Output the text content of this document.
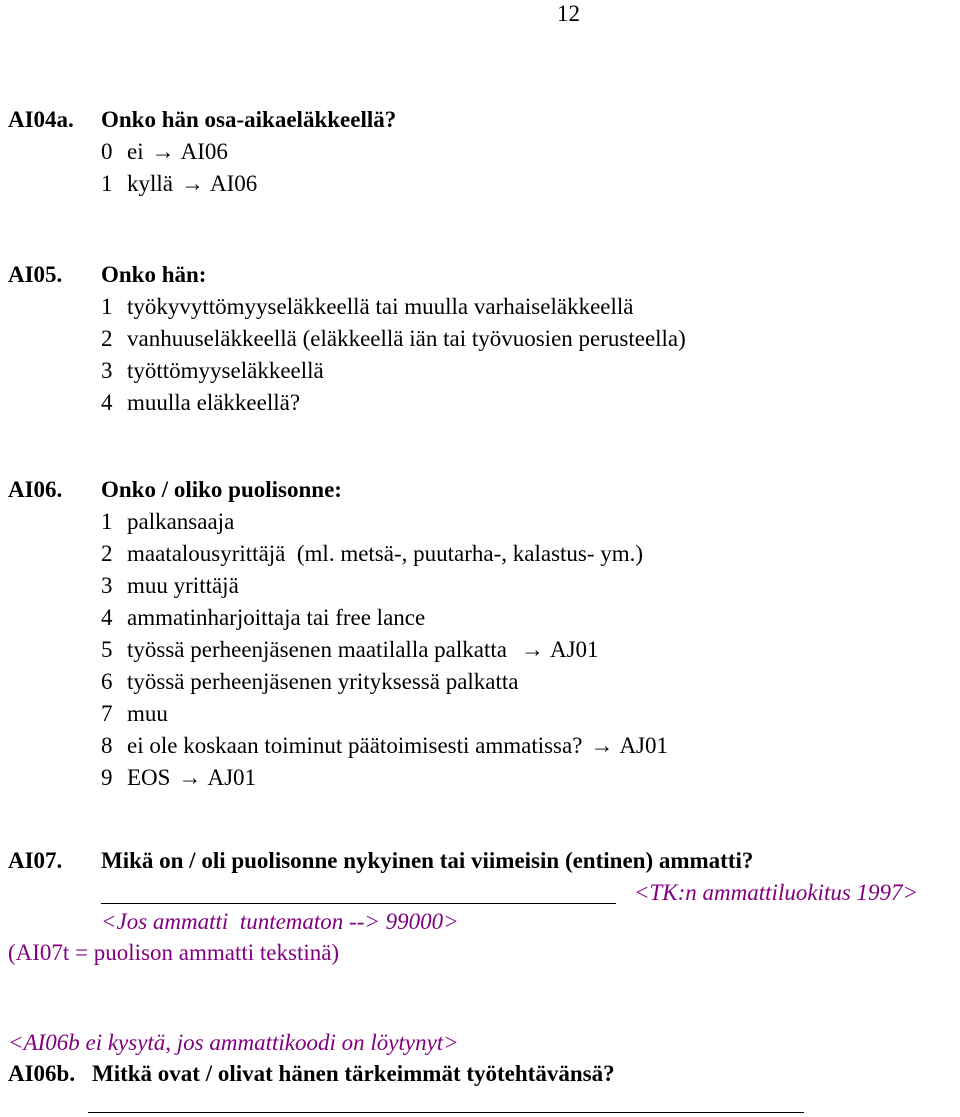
12
AI04a. Onko hän osa-aikaeläkkeellä?
0 ei → AI06
1 kyllä → AI06
AI05. Onko hän:
1 työkyvyttömyyseläkkeellä tai muulla varhaiseläkkeellä
2 vanhuuseläkkeellä (eläkkeellä iän tai työvuosien perusteella)
3 työttömyyseläkkeellä
4 muulla eläkkeellä?
AI06. Onko / oliko puolisonne:
1 palkansaaja
2 maatalousyrittäjä  (ml. metsä-, puutarha-, kalastus- ym.)
3 muu yrittäjä
4 ammatinharjoittaja tai free lance
5 työssä perheenjäsenen maatilalla palkatta → AJ01
6 työssä perheenjäsenen yrityksessä palkatta
7 muu
8 ei ole koskaan toiminut päätoimisesti ammatissa? → AJ01
9 EOS → AJ01
AI07. Mikä on / oli puolisonne nykyinen tai viimeisin (entinen) ammatti?
<TK:n ammattiluokitus 1997>
<Jos ammatti  tuntematon --> 99000>
(AI07t = puolison ammatti tekstinä)
<AI06b ei kysytä, jos ammattikoodi on löytynyt>
AI06b. Mitkä ovat / olivat hänen tärkeimmät työtehtävänsä?
